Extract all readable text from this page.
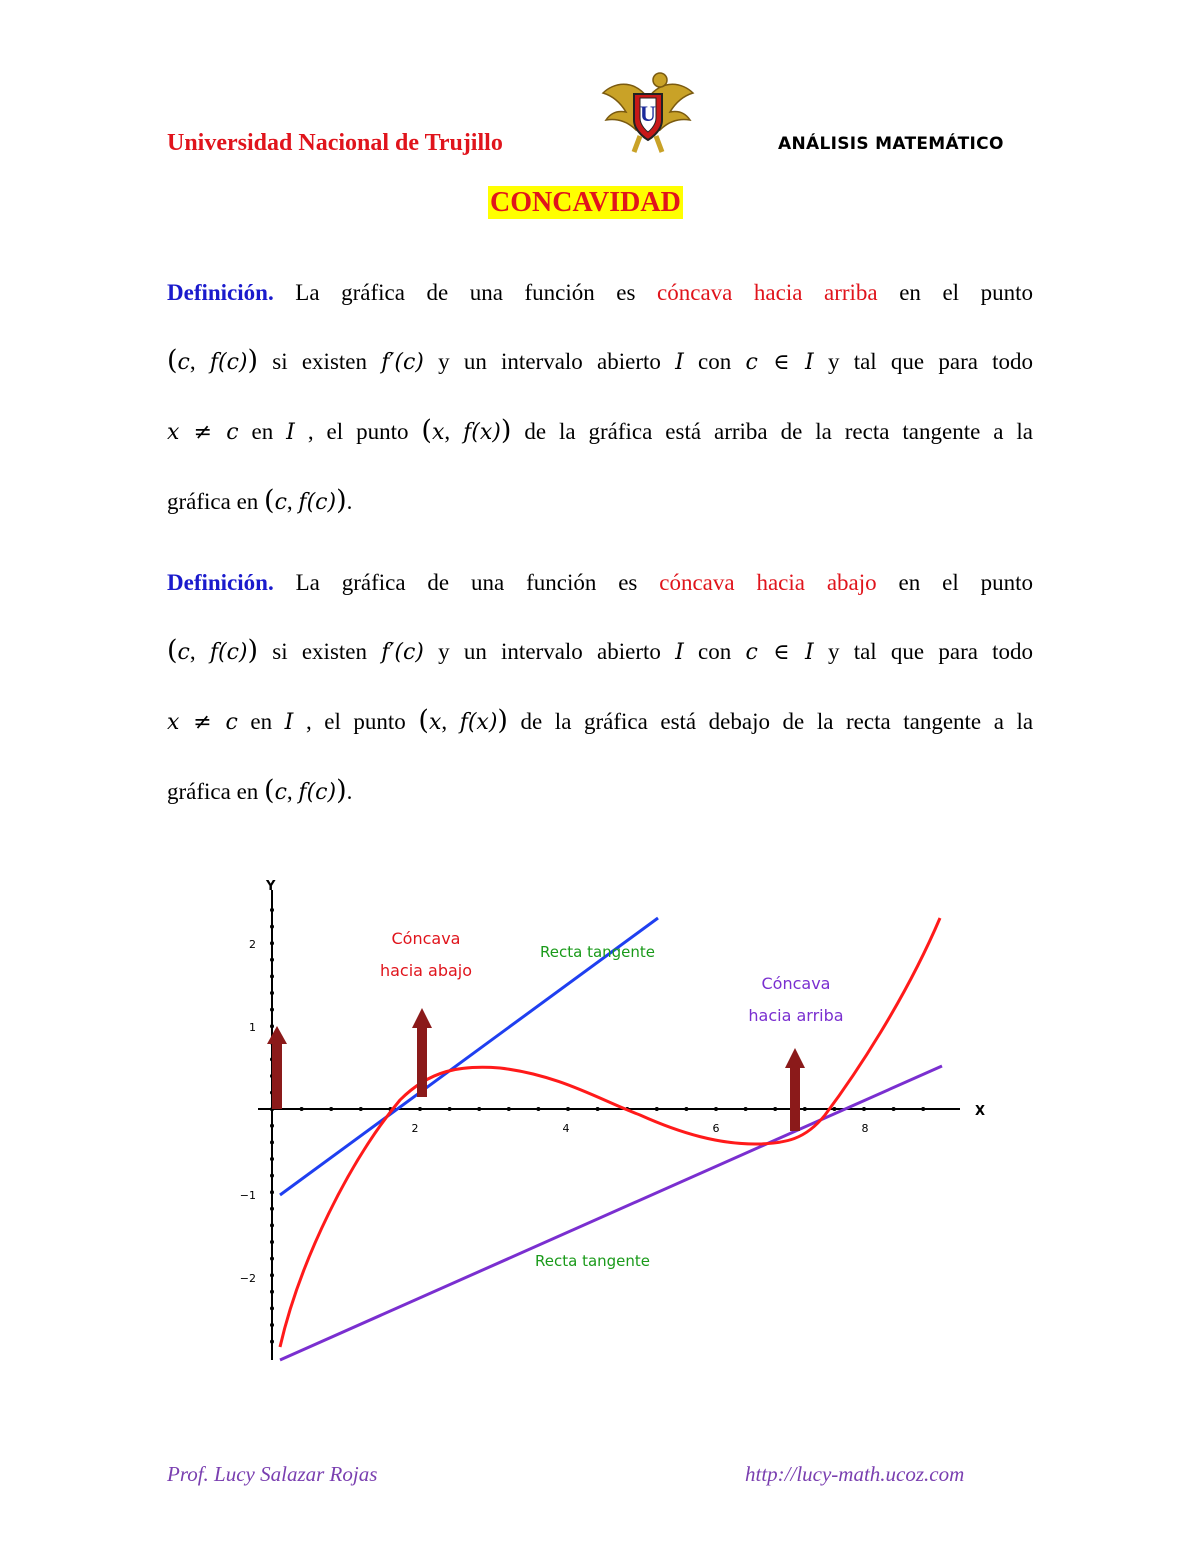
Universidad Nacional de Trujillo
U
ANÁLISIS MATEMÁTICO
CONCAVIDAD

Definición. La gráfica de una función es cóncava hacia arriba en el punto

(c, f(c)) si existen f′(c) y un intervalo abierto I con c ∈ I y tal que para todo

x ≠ c en I , el punto (x, f(x)) de la gráfica está arriba de la recta tangente a la

gráfica en (c, f(c)).

Definición. La gráfica de una función es cóncava hacia abajo en el punto

(c, f(c)) si existen f′(c) y un intervalo abierto I con c ∈ I y tal que para todo

x ≠ c en I , el punto (x, f(x)) de la gráfica está debajo de la recta tangente a la

gráfica en (c, f(c)).

Y
X
2	4	6	8
2
1
−1
−2
Cóncava
hacia abajo
Recta tangente
Cóncava
hacia arriba
Recta tangente
Prof. Lucy Salazar Rojas	http://lucy-math.ucoz.com
